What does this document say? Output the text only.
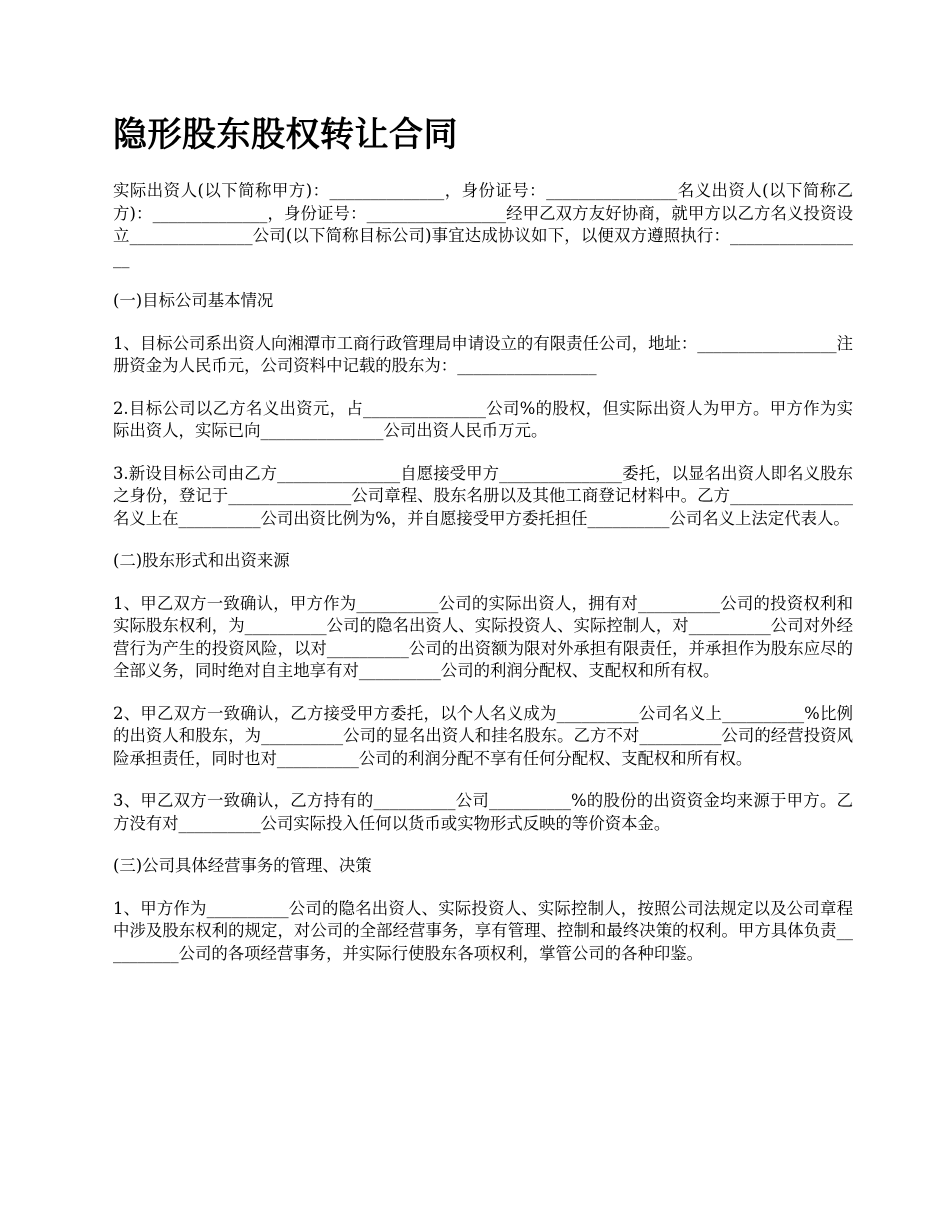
隐形股东股权转让合同

实际出资人(以下简称甲方)：______________，身份证号：________________名义出资人(以下简称乙方)：______________，身份证号：_________________经甲乙双方友好协商，就甲方以乙方名义投资设立_______________公司(以下简称目标公司)事宜达成协议如下，以便双方遵照执行：_________________

(一)目标公司基本情况

1、目标公司系出资人向湘潭市工商行政管理局申请设立的有限责任公司，地址：_________________注册资金为人民币元，公司资料中记载的股东为：_________________

2.目标公司以乙方名义出资元，占_______________公司%的股权，但实际出资人为甲方。甲方作为实际出资人，实际已向_______________公司出资人民币万元。

3.新设目标公司由乙方_______________自愿接受甲方_______________委托，以显名出资人即名义股东之身份，登记于_______________公司章程、股东名册以及其他工商登记材料中。乙方_______________名义上在__________公司出资比例为%，并自愿接受甲方委托担任__________公司名义上法定代表人。

(二)股东形式和出资来源

1、甲乙双方一致确认，甲方作为__________公司的实际出资人，拥有对__________公司的投资权利和实际股东权利，为__________公司的隐名出资人、实际投资人、实际控制人，对__________公司对外经营行为产生的投资风险，以对__________公司的出资额为限对外承担有限责任，并承担作为股东应尽的全部义务，同时绝对自主地享有对__________公司的利润分配权、支配权和所有权。

2、甲乙双方一致确认，乙方接受甲方委托，以个人名义成为__________公司名义上__________%比例的出资人和股东，为__________公司的显名出资人和挂名股东。乙方不对__________公司的经营投资风险承担责任，同时也对__________公司的利润分配不享有任何分配权、支配权和所有权。

3、甲乙双方一致确认，乙方持有的__________公司__________%的股份的出资资金均来源于甲方。乙方没有对__________公司实际投入任何以货币或实物形式反映的等价资本金。

(三)公司具体经营事务的管理、决策

1、甲方作为__________公司的隐名出资人、实际投资人、实际控制人，按照公司法规定以及公司章程中涉及股东权利的规定，对公司的全部经营事务，享有管理、控制和最终决策的权利。甲方具体负责__________公司的各项经营事务，并实际行使股东各项权利，掌管公司的各种印鉴。
